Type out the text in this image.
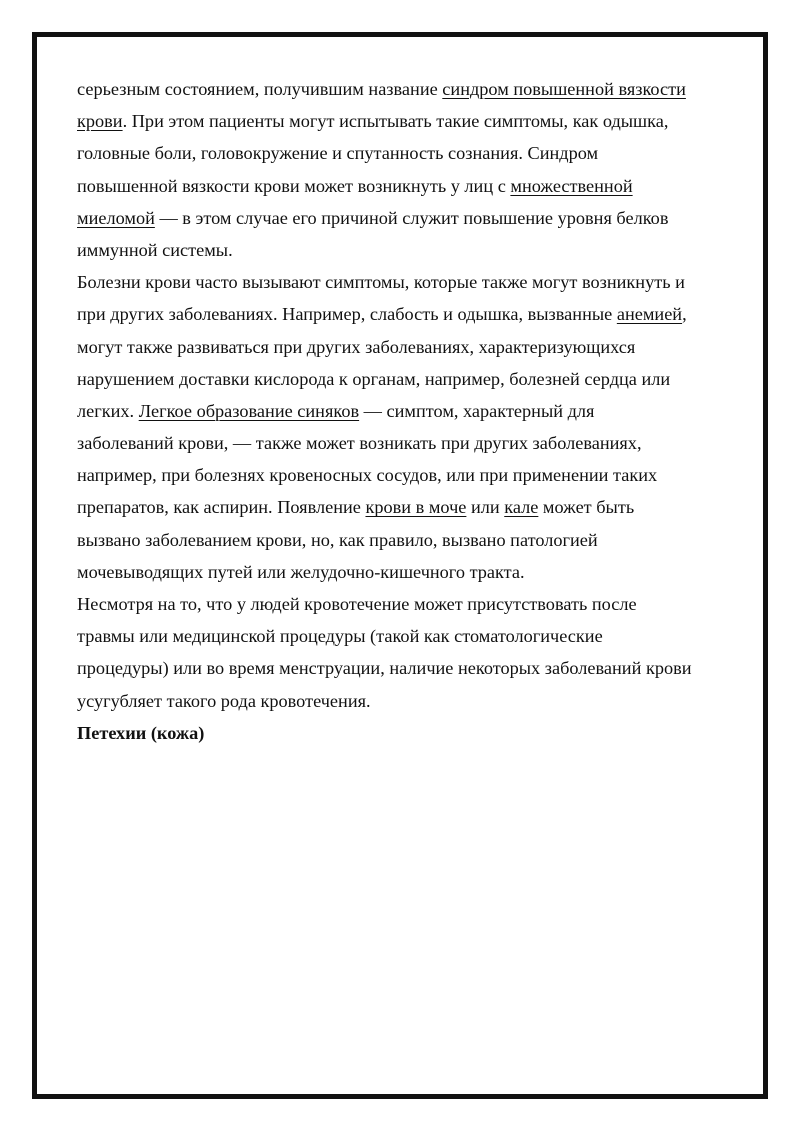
серьезным состоянием, получившим название синдром повышенной вязкости
крови. При этом пациенты могут испытывать такие симптомы, как одышка,
головные боли, головокружение и спутанность сознания. Синдром
повышенной вязкости крови может возникнуть у лиц с множественной
миеломой — в этом случае его причиной служит повышение уровня белков
иммунной системы.
Болезни крови часто вызывают симптомы, которые также могут возникнуть и
при других заболеваниях. Например, слабость и одышка, вызванные анемией,
могут также развиваться при других заболеваниях, характеризующихся
нарушением доставки кислорода к органам, например, болезней сердца или
легких. Легкое образование синяков — симптом, характерный для
заболеваний крови, — также может возникать при других заболеваниях,
например, при болезнях кровеносных сосудов, или при применении таких
препаратов, как аспирин. Появление крови в моче или кале может быть
вызвано заболеванием крови, но, как правило, вызвано патологией
мочевыводящих путей или желудочно-кишечного тракта.
Несмотря на то, что у людей кровотечение может присутствовать после
травмы или медицинской процедуры (такой как стоматологические
процедуры) или во время менструации, наличие некоторых заболеваний крови
усугубляет такого рода кровотечения.
Петехии (кожа)
